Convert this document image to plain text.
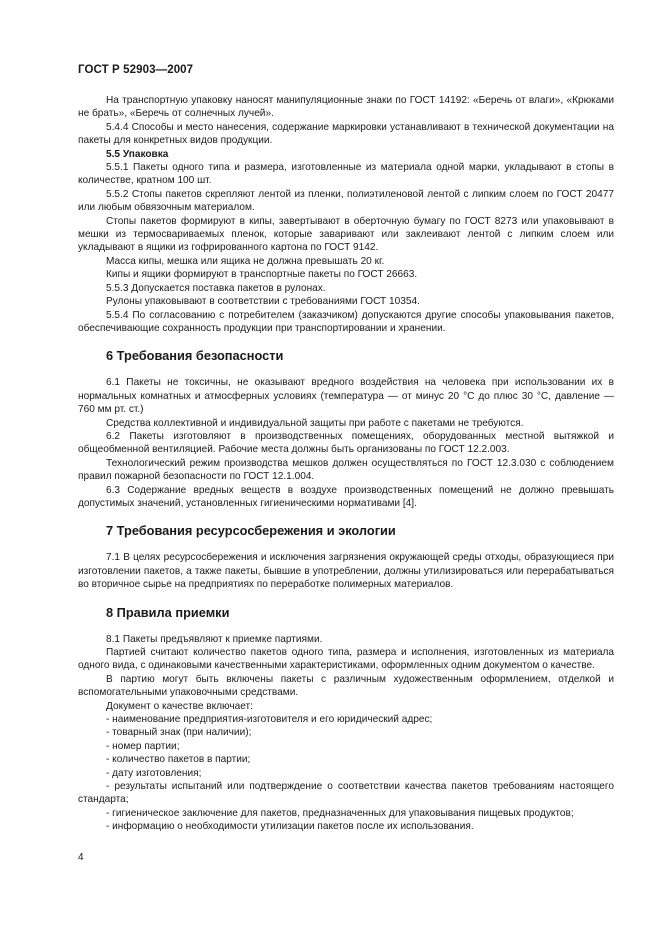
ГОСТ Р 52903—2007

На транспортную упаковку наносят манипуляционные знаки по ГОСТ 14192: «Беречь от влаги», «Крюками не брать», «Беречь от солнечных лучей».

5.4.4 Способы и место нанесения, содержание маркировки устанавливают в технической документации на пакеты для конкретных видов продукции.

5.5 Упаковка

5.5.1 Пакеты одного типа и размера, изготовленные из материала одной марки, укладывают в стопы в количестве, кратном 100 шт.

5.5.2 Стопы пакетов скрепляют лентой из пленки, полиэтиленовой лентой с липким слоем по ГОСТ 20477 или любым обвязочным материалом.

Стопы пакетов формируют в кипы, завертывают в оберточную бумагу по ГОСТ 8273 или упаковывают в мешки из термосвариваемых пленок, которые заваривают или заклеивают лентой с липким слоем или укладывают в ящики из гофрированного картона по ГОСТ 9142.

Масса кипы, мешка или ящика не должна превышать 20 кг.

Кипы и ящики формируют в транспортные пакеты по ГОСТ 26663.

5.5.3 Допускается поставка пакетов в рулонах.

Рулоны упаковывают в соответствии с требованиями ГОСТ 10354.

5.5.4 По согласованию с потребителем (заказчиком) допускаются другие способы упаковывания пакетов, обеспечивающие сохранность продукции при транспортировании и хранении.

6 Требования безопасности

6.1 Пакеты не токсичны, не оказывают вредного воздействия на человека при использовании их в нормальных комнатных и атмосферных условиях (температура — от минус 20 °С до плюс 30 °С, давление — 760 мм рт. ст.)

Средства коллективной и индивидуальной защиты при работе с пакетами не требуются.

6.2 Пакеты изготовляют в производственных помещениях, оборудованных местной вытяжкой и общеобменной вентиляцией. Рабочие места должны быть организованы по ГОСТ 12.2.003.

Технологический режим производства мешков должен осуществляться по ГОСТ 12.3.030 с соблюдением правил пожарной безопасности по ГОСТ 12.1.004.

6.3 Содержание вредных веществ в воздухе производственных помещений не должно превышать допустимых значений, установленных гигиеническими нормативами [4].

7 Требования ресурсосбережения и экологии

7.1 В целях ресурсосбережения и исключения загрязнения окружающей среды отходы, образующиеся при изготовлении пакетов, а также пакеты, бывшие в употреблении, должны утилизироваться или перерабатываться во вторичное сырье на предприятиях по переработке полимерных материалов.

8 Правила приемки

8.1 Пакеты предъявляют к приемке партиями.

Партией считают количество пакетов одного типа, размера и исполнения, изготовленных из материала одного вида, с одинаковыми качественными характеристиками, оформленных одним документом о качестве.

В партию могут быть включены пакеты с различным художественным оформлением, отделкой и вспомогательными упаковочными средствами.

Документ о качестве включает:

- наименование предприятия-изготовителя и его юридический адрес;

- товарный знак (при наличии);

- номер партии;

- количество пакетов в партии;

- дату изготовления;

- результаты испытаний или подтверждение о соответствии качества пакетов требованиям настоящего стандарта;

- гигиеническое заключение для пакетов, предназначенных для упаковывания пищевых продуктов;

- информацию о необходимости утилизации пакетов после их использования.

4
